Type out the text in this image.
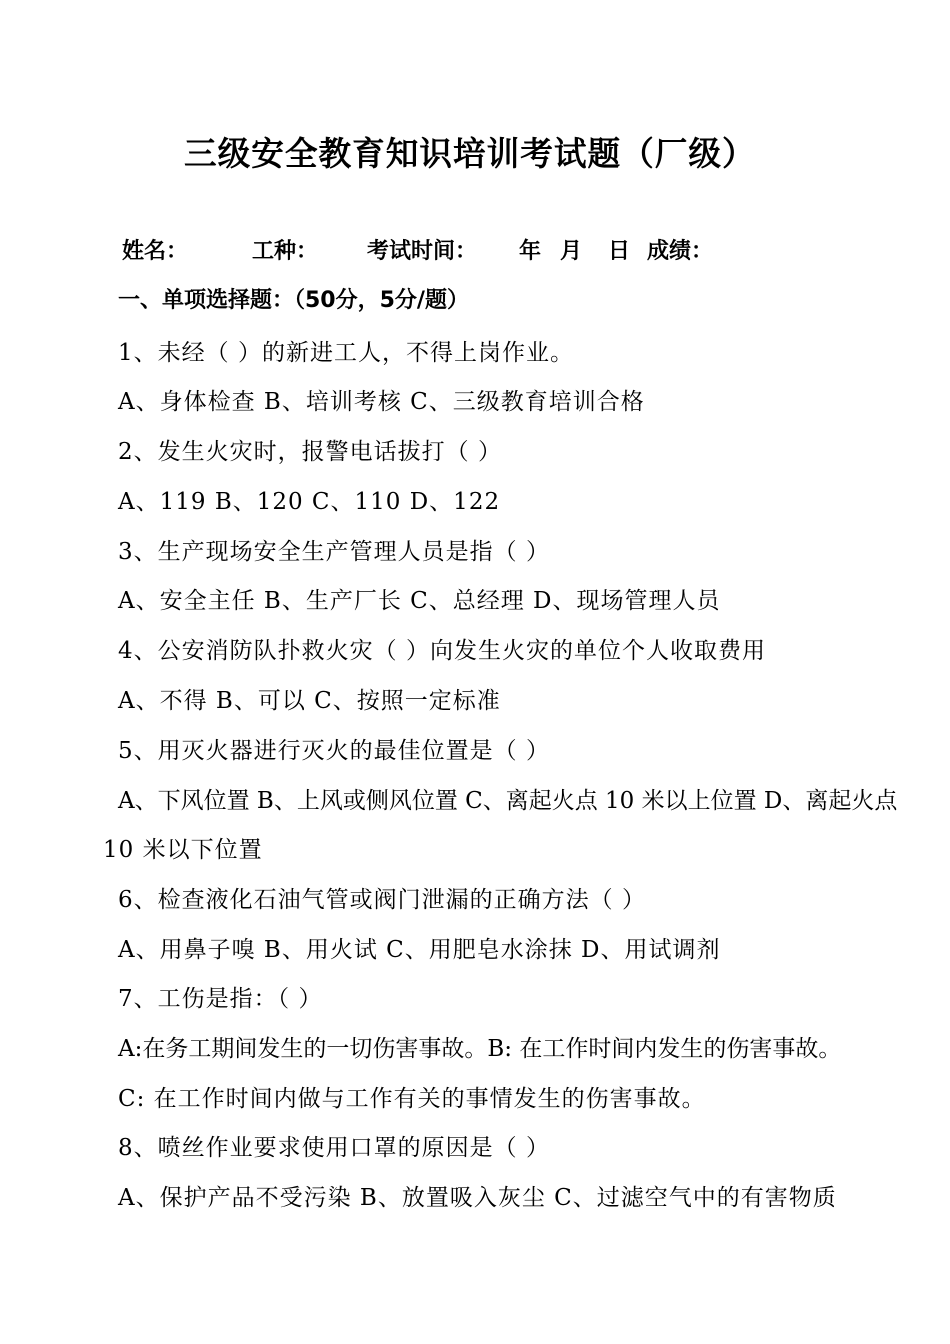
三级安全教育知识培训考试题（厂级）
姓名：	工种： 考试时间： 年 月 日 成绩：
一、单项选择题：（50分，5分/题）
1、未经（ ）的新进工人，不得上岗作业。
A、身体检查 B、培训考核 C、三级教育培训合格
2、发生火灾时，报警电话拔打（ ）
A、119 B、120 C、110 D、122
3、生产现场安全生产管理人员是指（ ）
A、安全主任 B、生产厂长 C、总经理 D、现场管理人员
4、公安消防队扑救火灾（ ）向发生火灾的单位个人收取费用
A、不得 B、可以 C、按照一定标准
5、用灭火器进行灭火的最佳位置是（ ）
A、下风位置 B、上风或侧风位置 C、离起火点 10 米以上位置 D、离起火点
10 米以下位置
6、检查液化石油气管或阀门泄漏的正确方法（ ）
A、用鼻子嗅 B、用火试 C、用肥皂水涂抹 D、用试调剂
7、工伤是指：（ ）
A:在务工期间发生的一切伤害事故。B: 在工作时间内发生的伤害事故。
C: 在工作时间内做与工作有关的事情发生的伤害事故。
8、喷丝作业要求使用口罩的原因是（ ）
A、保护产品不受污染 B、放置吸入灰尘 C、过滤空气中的有害物质
